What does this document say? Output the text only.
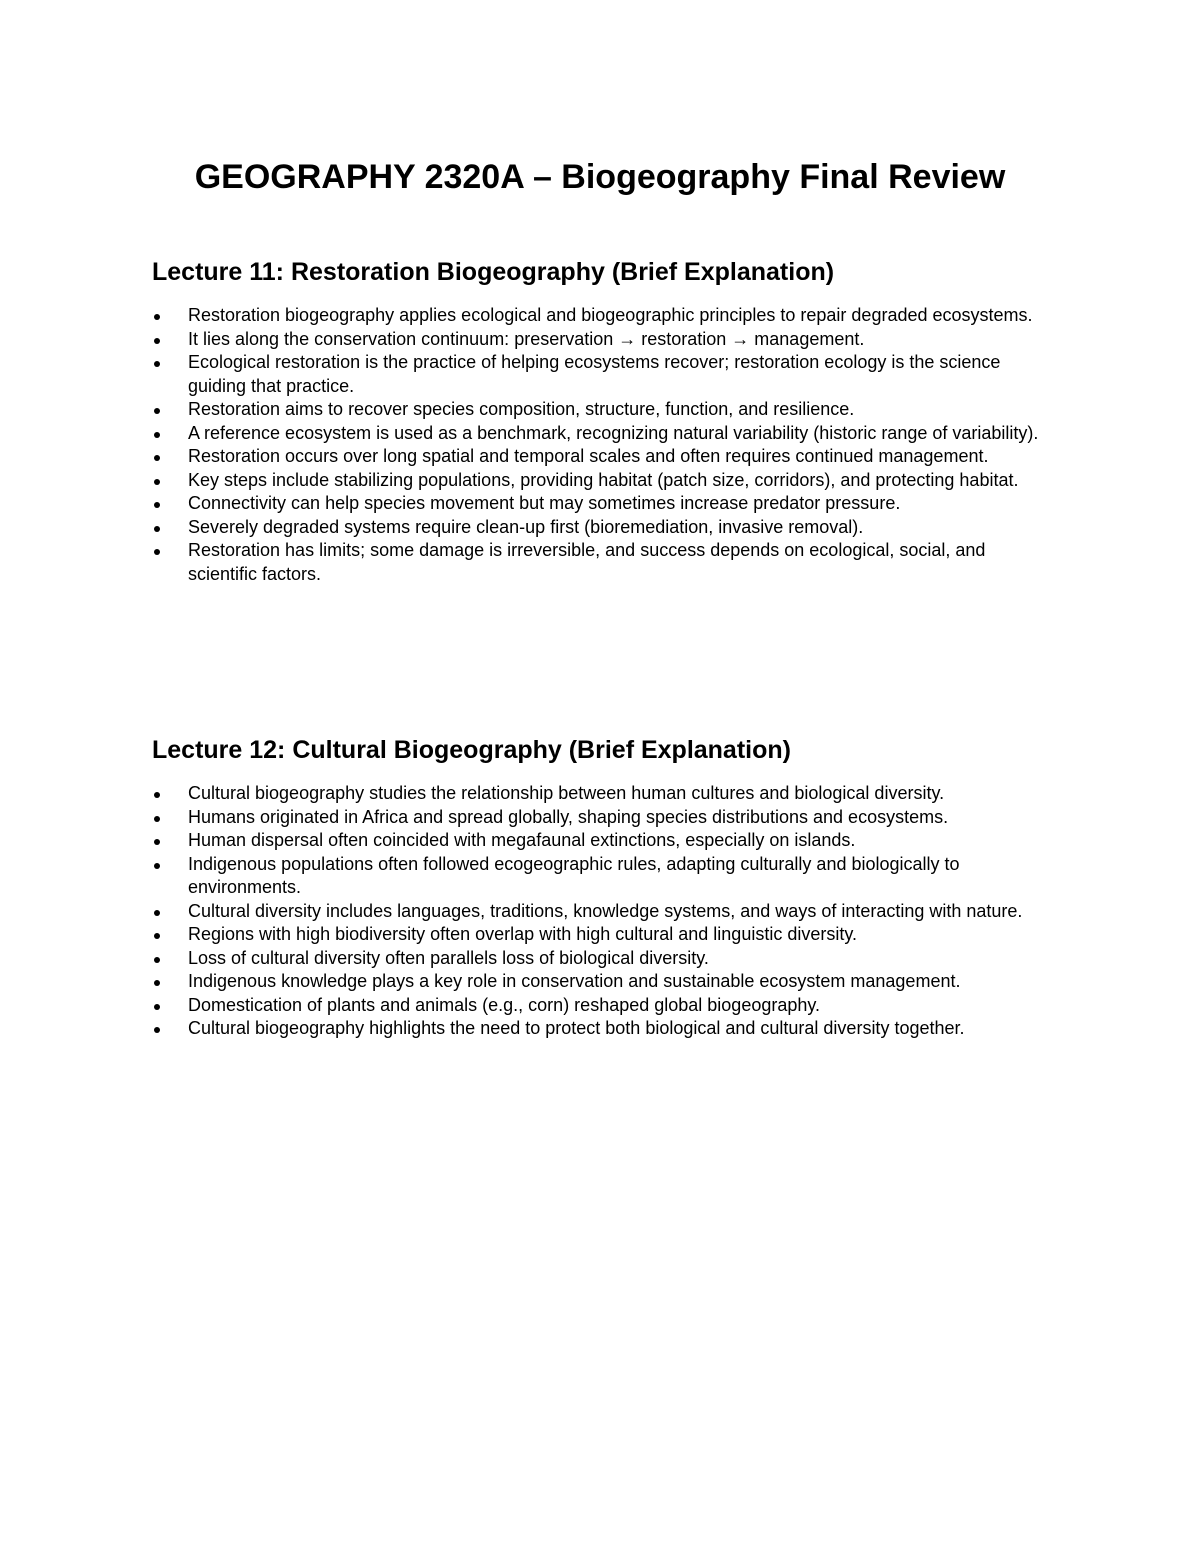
GEOGRAPHY 2320A – Biogeography Final Review
Lecture 11: Restoration Biogeography (Brief Explanation)
Restoration biogeography applies ecological and biogeographic principles to repair degraded ecosystems.
It lies along the conservation continuum: preservation → restoration → management.
Ecological restoration is the practice of helping ecosystems recover; restoration ecology is the science guiding that practice.
Restoration aims to recover species composition, structure, function, and resilience.
A reference ecosystem is used as a benchmark, recognizing natural variability (historic range of variability).
Restoration occurs over long spatial and temporal scales and often requires continued management.
Key steps include stabilizing populations, providing habitat (patch size, corridors), and protecting habitat.
Connectivity can help species movement but may sometimes increase predator pressure.
Severely degraded systems require clean-up first (bioremediation, invasive removal).
Restoration has limits; some damage is irreversible, and success depends on ecological, social, and scientific factors.
Lecture 12: Cultural Biogeography (Brief Explanation)
Cultural biogeography studies the relationship between human cultures and biological diversity.
Humans originated in Africa and spread globally, shaping species distributions and ecosystems.
Human dispersal often coincided with megafaunal extinctions, especially on islands.
Indigenous populations often followed ecogeographic rules, adapting culturally and biologically to environments.
Cultural diversity includes languages, traditions, knowledge systems, and ways of interacting with nature.
Regions with high biodiversity often overlap with high cultural and linguistic diversity.
Loss of cultural diversity often parallels loss of biological diversity.
Indigenous knowledge plays a key role in conservation and sustainable ecosystem management.
Domestication of plants and animals (e.g., corn) reshaped global biogeography.
Cultural biogeography highlights the need to protect both biological and cultural diversity together.
